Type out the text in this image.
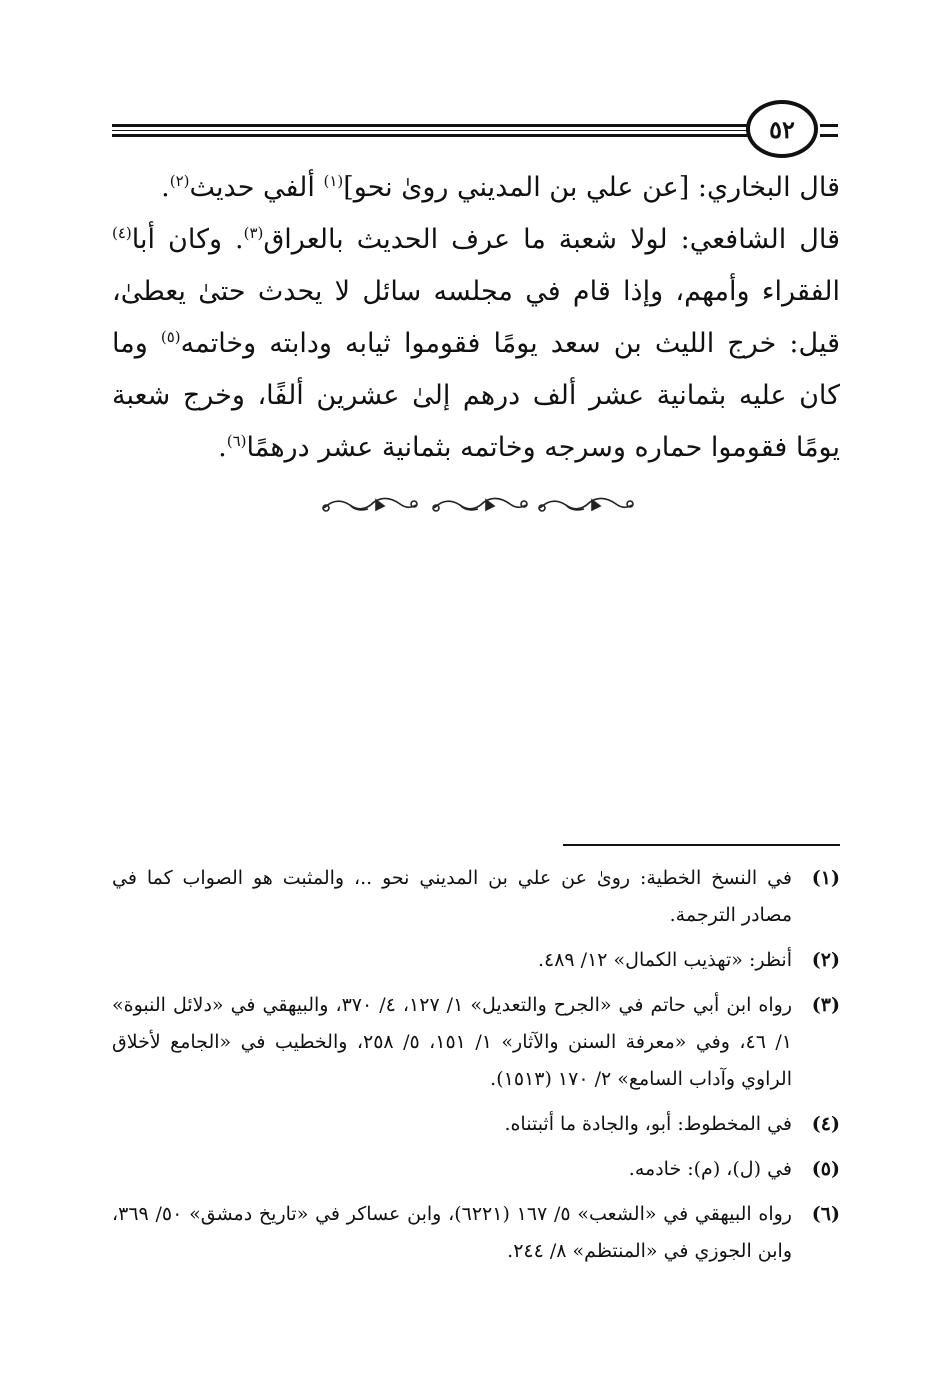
٥٢

قال البخاري: [عن علي بن المديني روىٰ نحو]$^{(١)}$ ألفي حديث$^{(٢)}$.

قال الشافعي: لولا شعبة ما عرف الحديث بالعراق$^{(٣)}$. وكان أبا$^{(٤)}$ الفقراء وأمهم، وإذا قام في مجلسه سائل لا يحدث حتىٰ يعطىٰ، قيل: خرج الليث بن سعد يومًا فقوموا ثيابه ودابته وخاتمه$^{(٥)}$ وما كان عليه بثمانية عشر ألف درهم إلىٰ عشرين ألفًا، وخرج شعبة يومًا فقوموا حماره وسرجه وخاتمه بثمانية عشر درهمًا$^{(٦)}$.

(١)
في النسخ الخطية: روىٰ عن علي بن المديني نحو ..، والمثبت هو الصواب كما في مصادر الترجمة.
(٢)
أنظر: «تهذيب الكمال» ١٢/ ٤٨٩.
(٣)
رواه ابن أبي حاتم في «الجرح والتعديل» ١/ ١٢٧، ٤/ ٣٧٠، والبيهقي في «دلائل النبوة» ١/ ٤٦، وفي «معرفة السنن والآثار» ١/ ١٥١، ٥/ ٢٥٨، والخطيب في «الجامع لأخلاق الراوي وآداب السامع» ٢/ ١٧٠ (١٥١٣).
(٤)
في المخطوط: أبو، والجادة ما أثبتناه.
(٥)
في (ل)، (م): خادمه.
(٦)
رواه البيهقي في «الشعب» ٥/ ١٦٧ (٦٢٢١)، وابن عساكر في «تاريخ دمشق» ٥٠/ ٣٦٩، وابن الجوزي في «المنتظم» ٨/ ٢٤٤.
